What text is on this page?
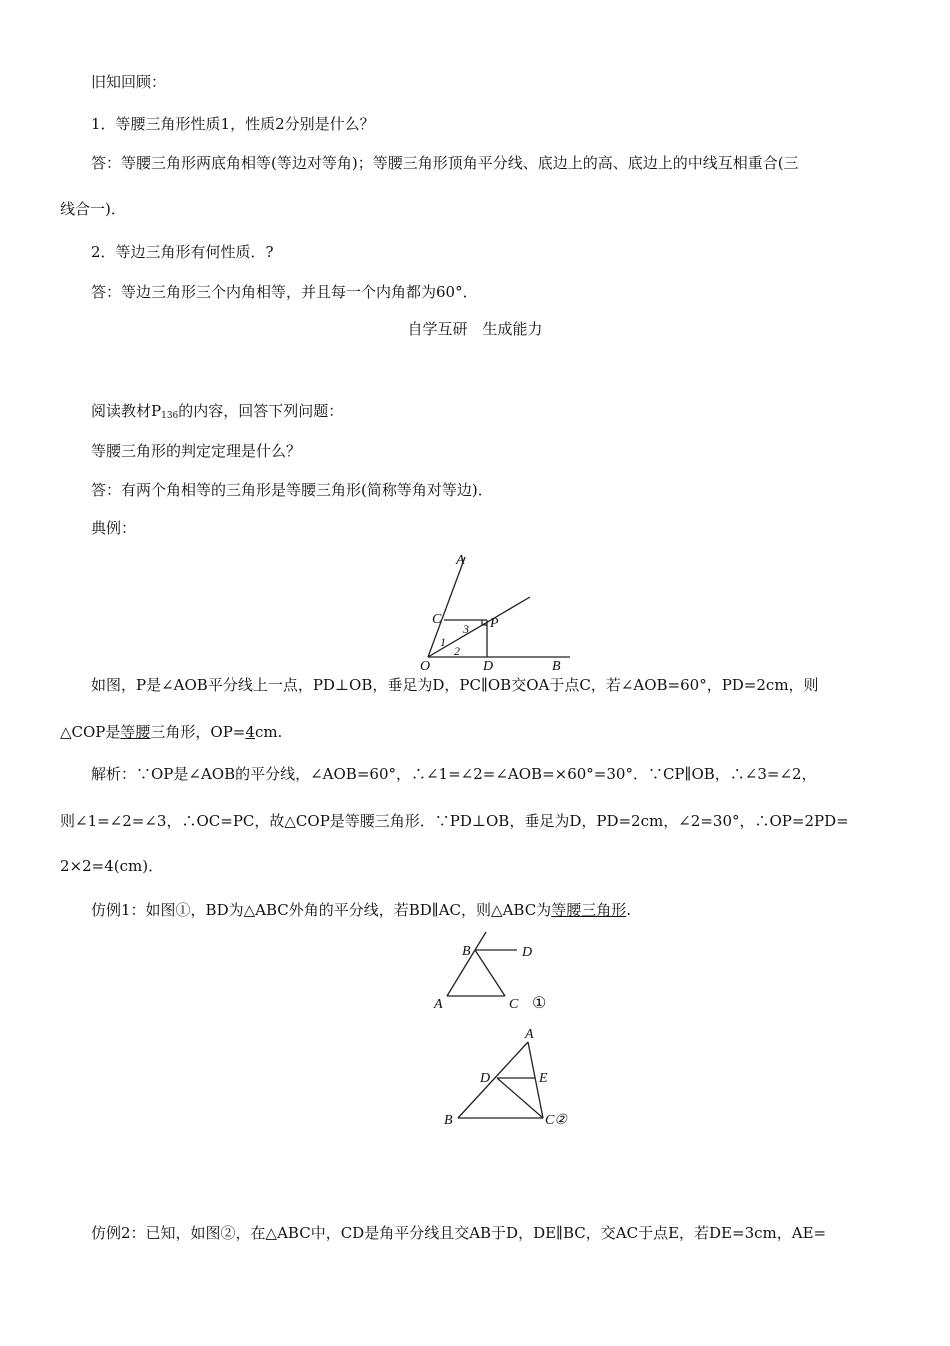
旧知回顾：
1．等腰三角形性质1，性质2分别是什么？
答：等腰三角形两底角相等(等边对等角)；等腰三角形顶角平分线、底边上的高、底边上的中线互相重合(三
线合一)．
2．等边三角形有何性质．?
答：等边三角形三个内角相等，并且每一个内角都为60°．
自学互研　生成能力
阅读教材$P_{136}$的内容，回答下列问题：
等腰三角形的判定定理是什么？
答：有两个角相等的三角形是等腰三角形(简称等角对等边)．
典例：
A
C	P
3
1
2
O	D	B
如图，P是∠AOB平分线上一点，PD⊥OB，垂足为D，PC∥OB交OA于点C，若∠AOB=60°，PD=2cm，则
△COP是等腰三角形，OP=4cm.
解析：∵OP是∠AOB的平分线，∠AOB=60°，∴∠1=∠2=∠AOB=×60°=30°．∵CP∥OB，∴∠3=∠2，
则∠1=∠2=∠3，∴OC=PC，故△COP是等腰三角形．∵PD⊥OB，垂足为D，PD=2cm，∠2=30°，∴OP=2PD=
2×2=4(cm)．
仿例1：如图①，BD为△ABC外角的平分线，若BD∥AC，则△ABC为等腰三角形.
B	D
A	C ①
A
D	E
B	C②
仿例2：已知，如图②，在△ABC中，CD是角平分线且交AB于D，DE∥BC，交AC于点E，若DE=3cm，AE=
